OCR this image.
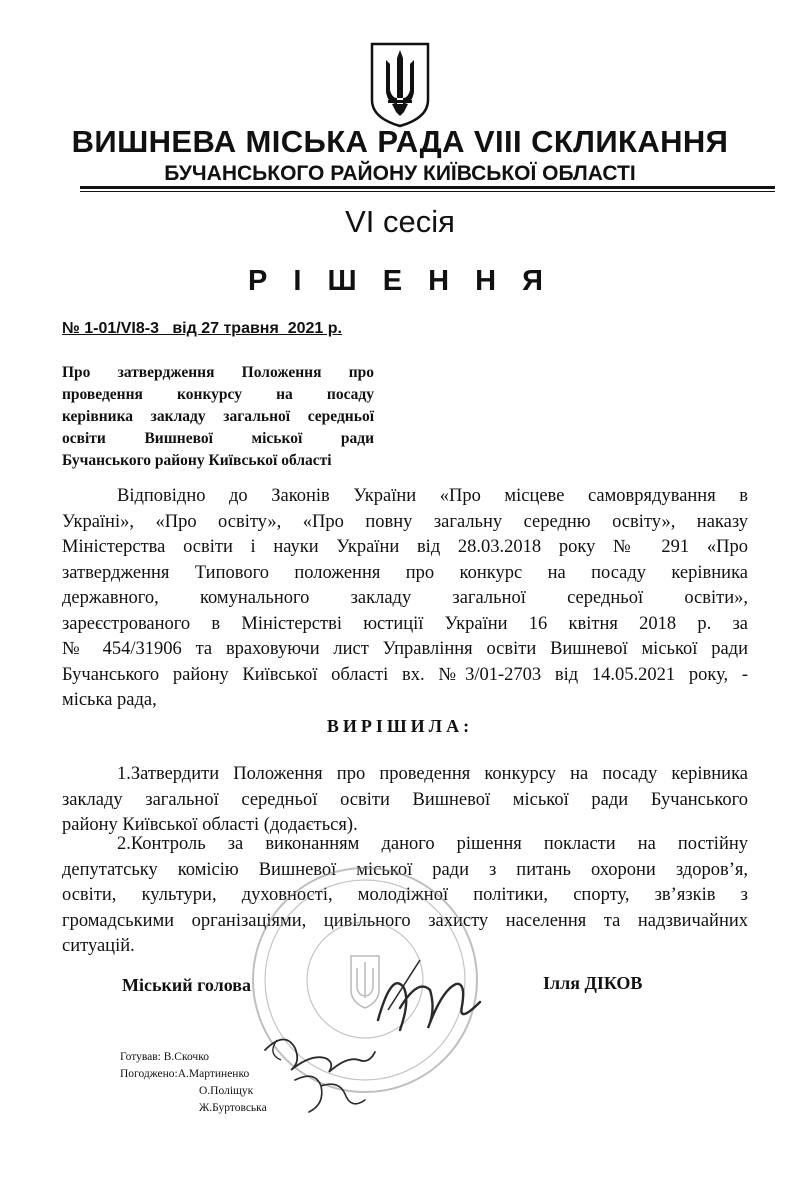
ВИШНЕВА МІСЬКА РАДА VIII СКЛИКАННЯ
БУЧАНСЬКОГО РАЙОНУ КИЇВСЬКОЇ ОБЛАСТІ
VI сесія
Р І Ш Е Н Н Я
№ 1-01/VІ8-3   від 27 травня  2021 р.
Про затвердження Положення про
проведення конкурсу на посаду
керівника закладу загальної середньої
освіти Вишневої міської ради
Бучанського району Київської області
Відповідно до Законів України «Про місцеве самоврядування в
Україні», «Про освіту», «Про повну загальну середню освіту», наказу
Міністерства освіти і науки України від 28.03.2018 року № 291 «Про
затвердження Типового положення про конкурс на посаду керівника
державного, комунального закладу загальної середньої освіти»,
зареєстрованого в Міністерстві юстиції України 16 квітня 2018 р. за
№ 454/31906 та враховуючи лист Управління освіти Вишневої міської ради
Бучанського району Київської області вх. №3/01-2703 від 14.05.2021 року, -
міська рада,
ВИРІШИЛА:
1.Затвердити Положення про проведення конкурсу на посаду керівника
закладу загальної середньої освіти Вишневої міської ради Бучанського
району Київської області (додається).
2.Контроль за виконанням даного рішення покласти на постійну
депутатську комісію Вишневої міської ради з питань охорони здоров’я,
освіти, культури, духовності, молодіжної політики, спорту, зв’язків з
громадськими організаціями, цивільного захисту населення та надзвичайних
ситуацій.
Міський голова	Ілля ДІКОВ
Готував: В.Скочко
Погоджено:А.Мартиненко
О.Поліщук
Ж.Буртовська
